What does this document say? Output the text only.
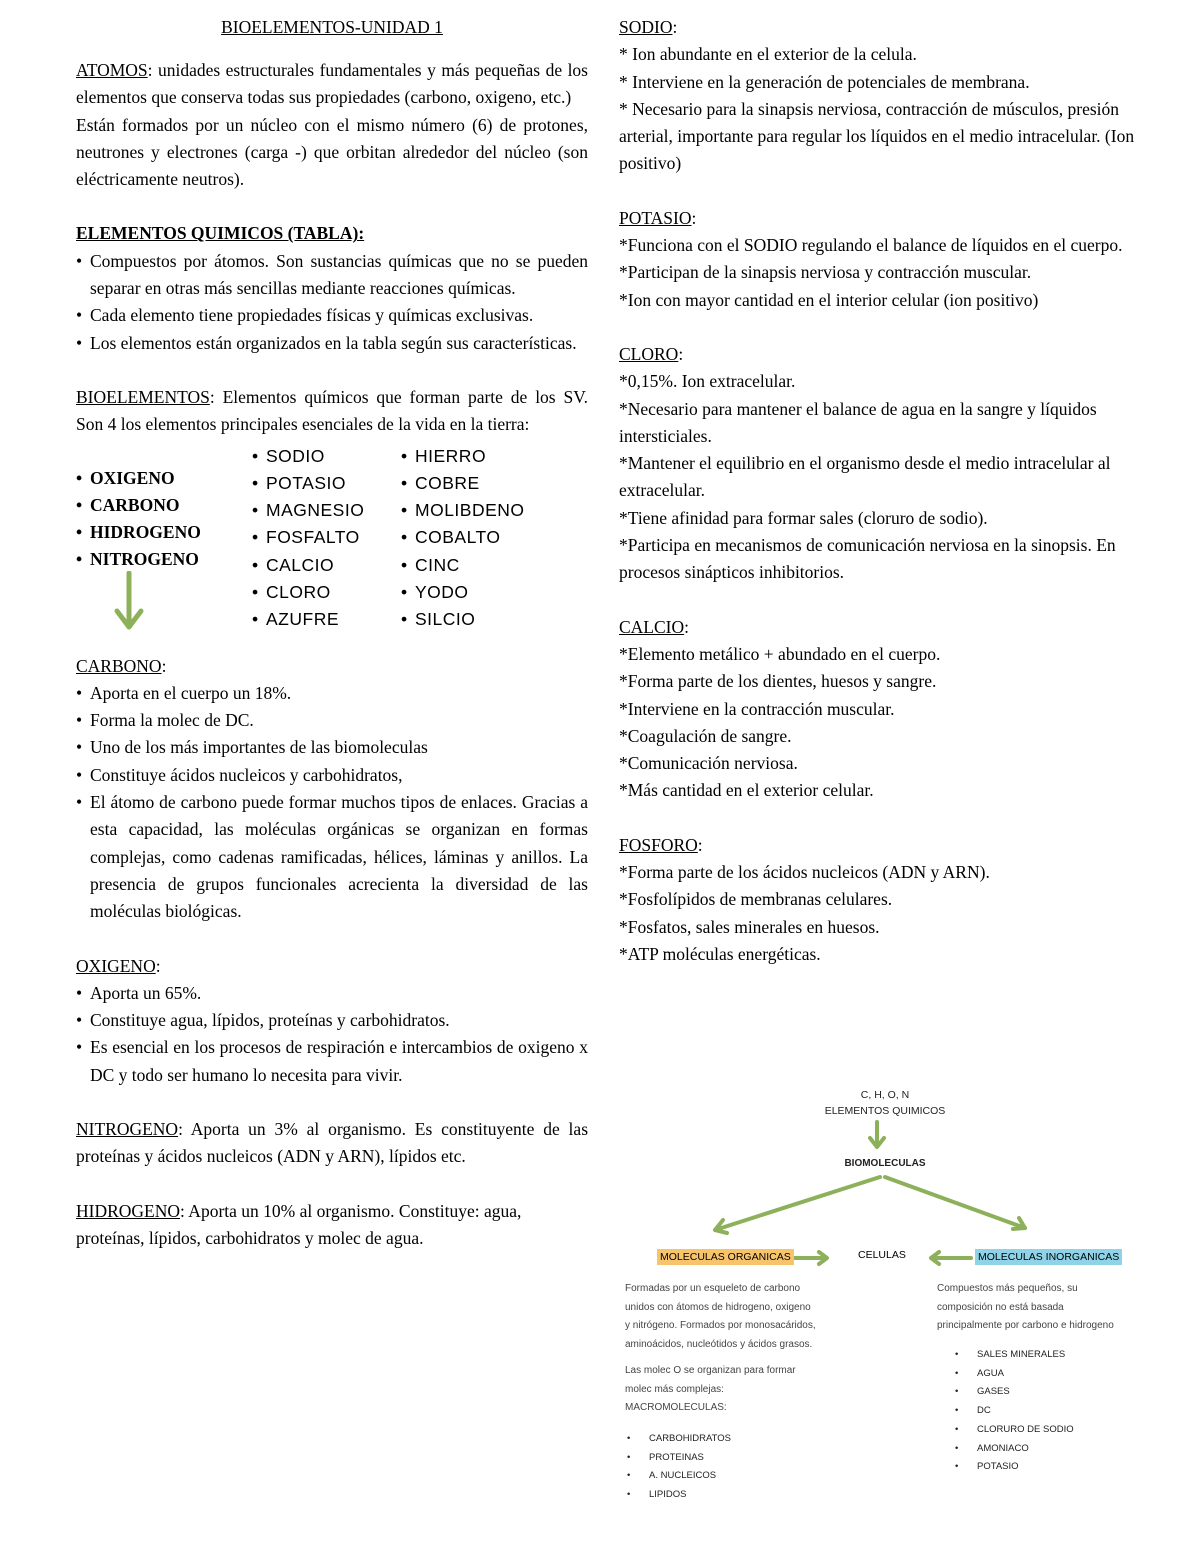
BIOELEMENTOS-UNIDAD 1

ATOMOS: unidades estructurales fundamentales y más pequeñas de los elementos que conserva todas sus propiedades (carbono, oxigeno, etc.)

Están formados por un núcleo con el mismo número (6) de protones, neutrones y electrones (carga -) que orbitan alrededor del núcleo (son eléctricamente neutros).

ELEMENTOS QUIMICOS (TABLA):

• Compuestos por átomos. Son sustancias químicas que no se pueden separar en otras más sencillas mediante reacciones químicas.
• Cada elemento tiene propiedades físicas y químicas exclusivas.
• Los elementos están organizados en la tabla según sus características.

BIOELEMENTOS: Elementos químicos que forman parte de los SV. Son 4 los elementos principales esenciales de la vida en la tierra:

• OXIGENO
• CARBONO
• HIDROGENO
• NITROGENO
• SODIO
• POTASIO
• MAGNESIO
• FOSFALTO
• CALCIO
• CLORO
• AZUFRE
• HIERRO
• COBRE
• MOLIBDENO
• COBALTO
• CINC
• YODO
• SILCIO

CARBONO:

• Aporta en el cuerpo un 18%.
• Forma la molec de DC.
• Uno de los más importantes de las biomoleculas
• Constituye ácidos nucleicos y carbohidratos,
• El átomo de carbono puede formar muchos tipos de enlaces. Gracias a esta capacidad, las moléculas orgánicas se organizan en formas complejas, como cadenas ramificadas, hélices, láminas y anillos. La presencia de grupos funcionales acrecienta la diversidad de las moléculas biológicas.

OXIGENO:

• Aporta un 65%.
• Constituye agua, lípidos, proteínas y carbohidratos.
• Es esencial en los procesos de respiración e intercambios de oxigeno x DC y todo ser humano lo necesita para vivir.

NITROGENO: Aporta un 3% al organismo. Es constituyente de las proteínas y ácidos nucleicos (ADN y ARN), lípidos etc.

HIDROGENO: Aporta un 10% al organismo. Constituye: agua, proteínas, lípidos, carbohidratos y molec de agua.

SODIO:

* Ion abundante en el exterior de la celula.

* Interviene en la generación de potenciales de membrana.

* Necesario para la sinapsis nerviosa, contracción de músculos, presión arterial, importante para regular los líquidos en el medio intracelular. (Ion positivo)

POTASIO:

*Funciona con el SODIO regulando el balance de líquidos en el cuerpo.

*Participan de la sinapsis nerviosa y contracción muscular.

*Ion con mayor cantidad en el interior celular (ion positivo)

CLORO:

*0,15%. Ion extracelular.

*Necesario para mantener el balance de agua en la sangre y líquidos intersticiales.

*Mantener el equilibrio en el organismo desde el medio intracelular al extracelular.

*Tiene afinidad para formar sales (cloruro de sodio).

*Participa en mecanismos de comunicación nerviosa en la sinopsis. En procesos sinápticos inhibitorios.

CALCIO:

*Elemento metálico + abundado en el cuerpo.

*Forma parte de los dientes, huesos y sangre.

*Interviene en la contracción muscular.

*Coagulación de sangre.

*Comunicación nerviosa.

*Más cantidad en el exterior celular.

FOSFORO:

*Forma parte de los ácidos nucleicos (ADN y ARN).

*Fosfolípidos de membranas celulares.

*Fosfatos, sales minerales en huesos.

*ATP moléculas energéticas.

C, H, O, N
ELEMENTOS QUIMICOS
BIOMOLECULAS
MOLECULAS ORGANICAS	CELULAS	MOLECULAS INORGANICAS
Formadas por un esqueleto de carbono
unidos con átomos de hidrogeno, oxigeno
y nitrógeno. Formados por monosacáridos,
aminoácidos, nucleótidos y ácidos grasos.
Las molec O se organizan para formar
molec más complejas:
MACROMOLECULAS:
• CARBOHIDRATOS
• PROTEINAS
• A. NUCLEICOS
• LIPIDOS
Compuestos más pequeños, su
composición no está basada
principalmente por carbono e hidrogeno
• SALES MINERALES
• AGUA
• GASES
• DC
• CLORURO DE SODIO
• AMONIACO
• POTASIO
